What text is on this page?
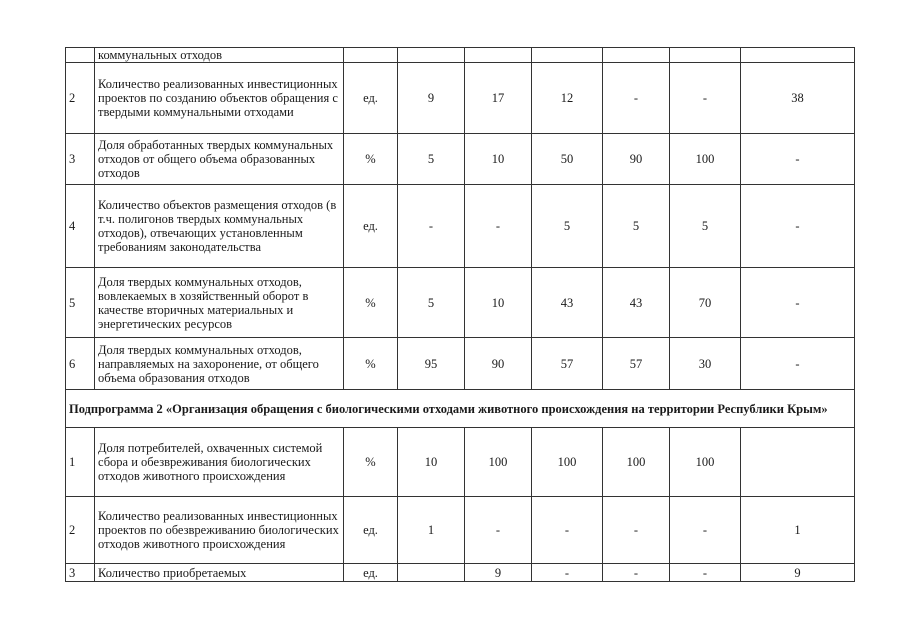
	коммунальных отходов							
2	Количество реализованных инвестиционных проектов по созданию объектов обращения с твердыми коммунальными отходами	ед.	9	17	12	-	-	38
3	Доля обработанных твердых коммунальных отходов от общего объема образованных отходов	%	5	10	50	90	100	-
4	Количество объектов размещения отходов (в т.ч. полигонов твердых коммунальных отходов), отвечающих установленным требованиям законодательства	ед.	-	-	5	5	5	-
5	Доля твердых коммунальных отходов, вовлекаемых в хозяйственный оборот в качестве вторичных материальных и энергетических ресурсов	%	5	10	43	43	70	-
6	Доля твердых коммунальных отходов, направляемых на захоронение, от общего объема образования отходов	%	95	90	57	57	30	-
Подпрограмма 2 «Организация обращения с биологическими отходами животного происхождения на территории Республики Крым»								
1	Доля потребителей, охваченных системой сбора и обезвреживания биологических отходов животного происхождения	%	10	100	100	100	100	
2	Количество реализованных инвестиционных проектов по обезвреживанию биологических отходов животного происхождения	ед.	1	-	-	-	-	1
3	Количество приобретаемых	ед.		9	-	-	-	9
